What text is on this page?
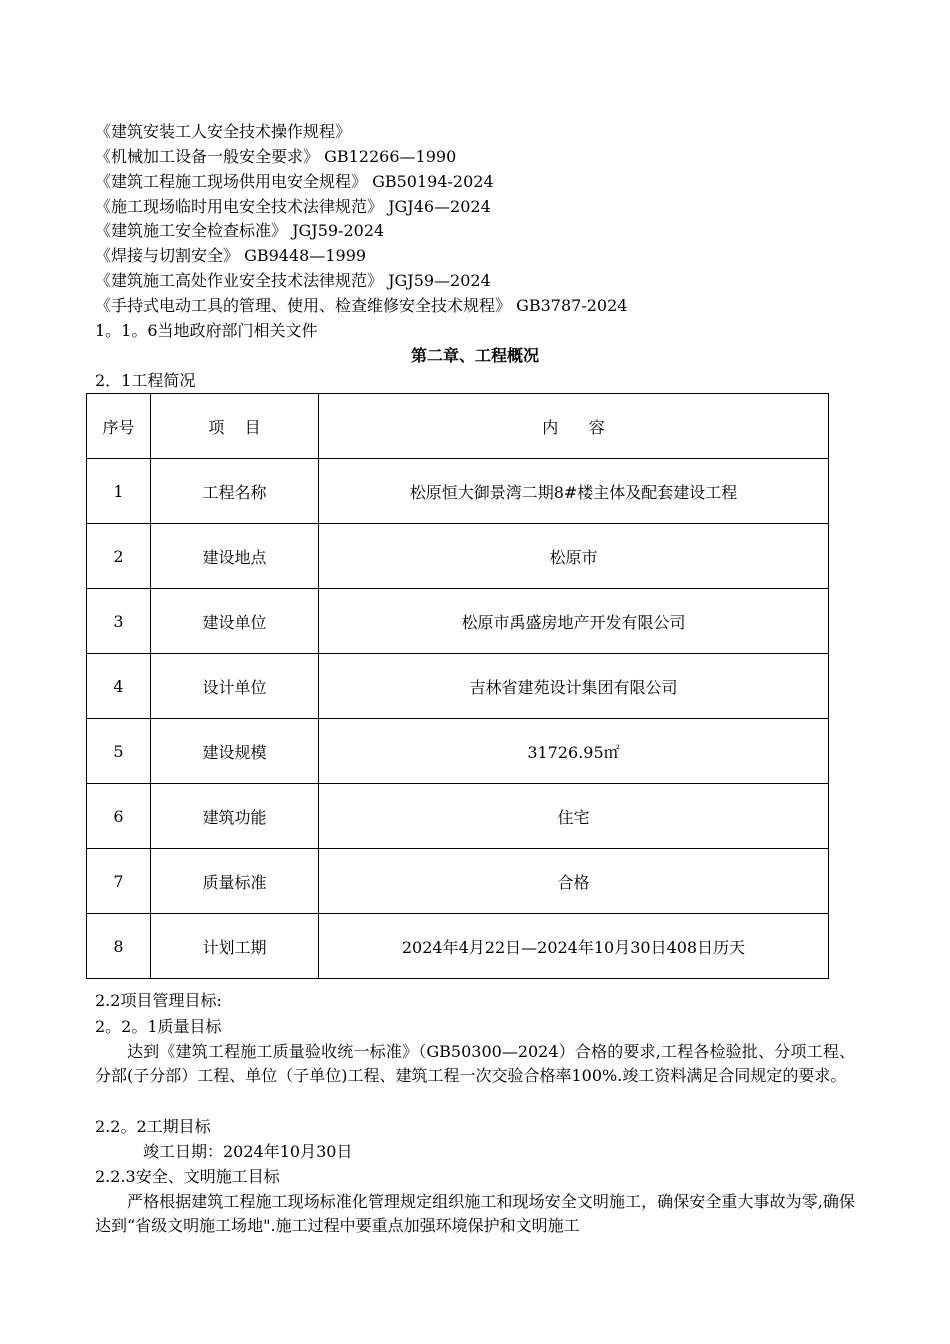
《建筑安装工人安全技术操作规程》
《机械加工设备一般安全要求》 GB12266—1990
《建筑工程施工现场供用电安全规程》 GB50194-2024
《施工现场临时用电安全技术法律规范》 JGJ46—2024
《建筑施工安全检查标准》 JGJ59-2024
《焊接与切割安全》 GB9448—1999
《建筑施工高处作业安全技术法律规范》 JGJ59—2024
《手持式电动工具的管理、使用、检查维修安全技术规程》 GB3787-2024
1。1。6当地政府部门相关文件
第二章、工程概况
2．1工程简况
序号	项    目	内      容
1	工程名称	松原恒大御景湾二期8#楼主体及配套建设工程
2	建设地点	松原市
3	建设单位	松原市禹盛房地产开发有限公司
4	设计单位	吉林省建苑设计集团有限公司
5	建设规模	31726.95㎡
6	建筑功能	住宅
7	质量标准	合格
8	计划工期	2024年4月22日—2024年10月30日408日历天
2.2项目管理目标:
2。2。1质量目标
达到《建筑工程施工质量验收统一标准》（GB50300—2024）合格的要求,工程各检验批、分项工程、分部(子分部）工程、单位（子单位)工程、建筑工程一次交验合格率100%.竣工资料满足合同规定的要求。
2.2。2工期目标
竣工日期：2024年10月30日
2.2.3安全、文明施工目标
严格根据建筑工程施工现场标准化管理规定组织施工和现场安全文明施工，确保安全重大事故为零,确保达到“省级文明施工场地".施工过程中要重点加强环境保护和文明施工
